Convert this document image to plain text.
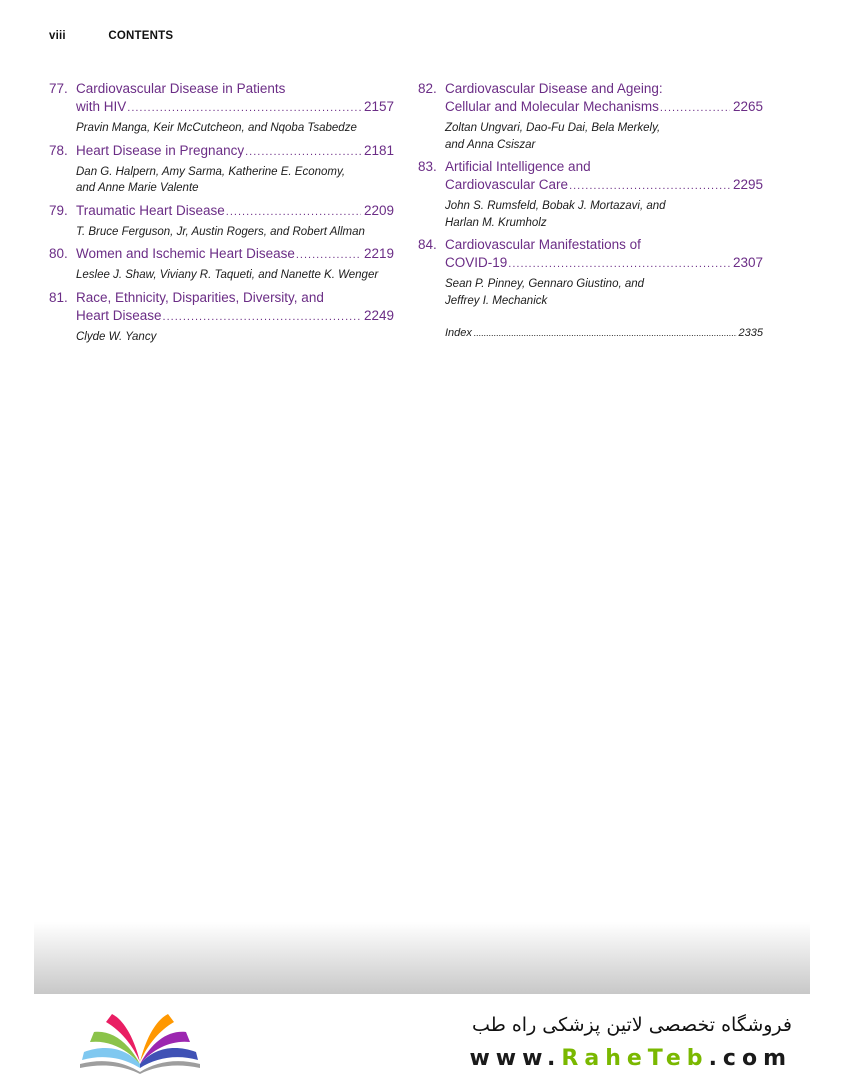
viii	CONTENTS
77. Cardiovascular Disease in Patients
with HIV .....	2157
Pravin Manga, Keir McCutcheon, and Nqoba Tsabedze
78. Heart Disease in Pregnancy .....	2181
Dan G. Halpern, Amy Sarma, Katherine E. Economy,
and Anne Marie Valente
79. Traumatic Heart Disease .....	2209
T. Bruce Ferguson, Jr, Austin Rogers, and Robert Allman
80. Women and Ischemic Heart Disease .....	2219
Leslee J. Shaw, Viviany R. Taqueti, and Nanette K. Wenger
81. Race, Ethnicity, Disparities, Diversity, and
Heart Disease .....	2249
Clyde W. Yancy
82. Cardiovascular Disease and Ageing:
Cellular and Molecular Mechanisms .....	2265
Zoltan Ungvari, Dao-Fu Dai, Bela Merkely,
and Anna Csiszar
83. Artificial Intelligence and
Cardiovascular Care .....	2295
John S. Rumsfeld, Bobak J. Mortazavi, and
Harlan M. Krumholz
84. Cardiovascular Manifestations of
COVID-19 .....	2307
Sean P. Pinney, Gennaro Giustino, and
Jeffrey I. Mechanick
Index .....	2335
فروشگاه تخصصی لاتین پزشکی راه طب
www.RaheTeb.com
